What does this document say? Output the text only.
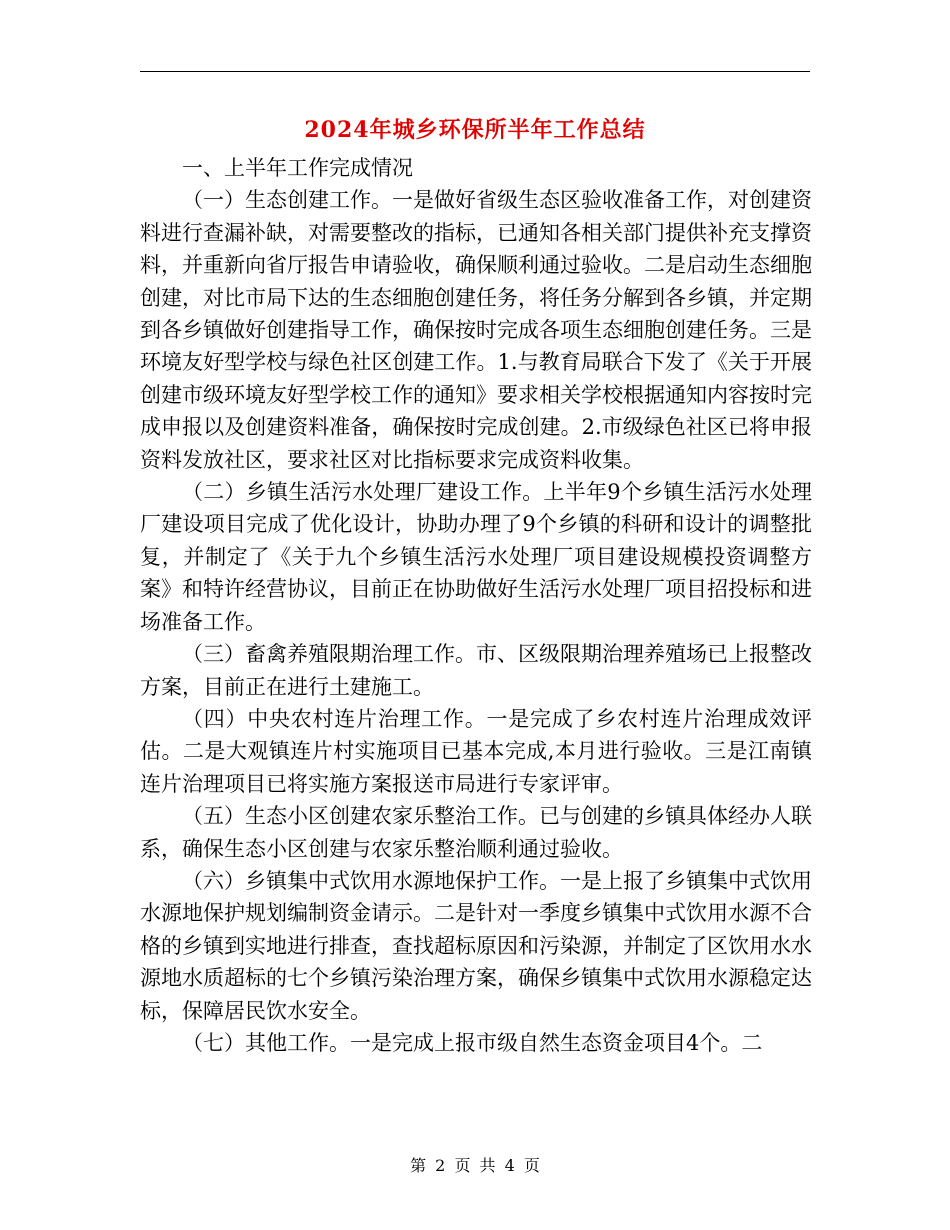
2024年城乡环保所半年工作总结

一、上半年工作完成情况

（一）生态创建工作。一是做好省级生态区验收准备工作，对创建资料进行查漏补缺，对需要整改的指标，已通知各相关部门提供补充支撑资料，并重新向省厅报告申请验收，确保顺利通过验收。二是启动生态细胞创建，对比市局下达的生态细胞创建任务，将任务分解到各乡镇，并定期到各乡镇做好创建指导工作，确保按时完成各项生态细胞创建任务。三是环境友好型学校与绿色社区创建工作。1.与教育局联合下发了《关于开展创建市级环境友好型学校工作的通知》要求相关学校根据通知内容按时完成申报以及创建资料准备，确保按时完成创建。2.市级绿色社区已将申报资料发放社区，要求社区对比指标要求完成资料收集。

（二）乡镇生活污水处理厂建设工作。上半年9个乡镇生活污水处理厂建设项目完成了优化设计，协助办理了9个乡镇的科研和设计的调整批复，并制定了《关于九个乡镇生活污水处理厂项目建设规模投资调整方案》和特许经营协议，目前正在协助做好生活污水处理厂项目招投标和进场准备工作。

（三）畜禽养殖限期治理工作。市、区级限期治理养殖场已上报整改方案，目前正在进行土建施工。

（四）中央农村连片治理工作。一是完成了乡农村连片治理成效评估。二是大观镇连片村实施项目已基本完成,本月进行验收。三是江南镇连片治理项目已将实施方案报送市局进行专家评审。

（五）生态小区创建农家乐整治工作。已与创建的乡镇具体经办人联系，确保生态小区创建与农家乐整治顺利通过验收。

（六）乡镇集中式饮用水源地保护工作。一是上报了乡镇集中式饮用水源地保护规划编制资金请示。二是针对一季度乡镇集中式饮用水源不合格的乡镇到实地进行排查，查找超标原因和污染源，并制定了区饮用水水源地水质超标的七个乡镇污染治理方案，确保乡镇集中式饮用水源稳定达标，保障居民饮水安全。

（七）其他工作。一是完成上报市级自然生态资金项目4个。二

第 2 页 共 4 页
